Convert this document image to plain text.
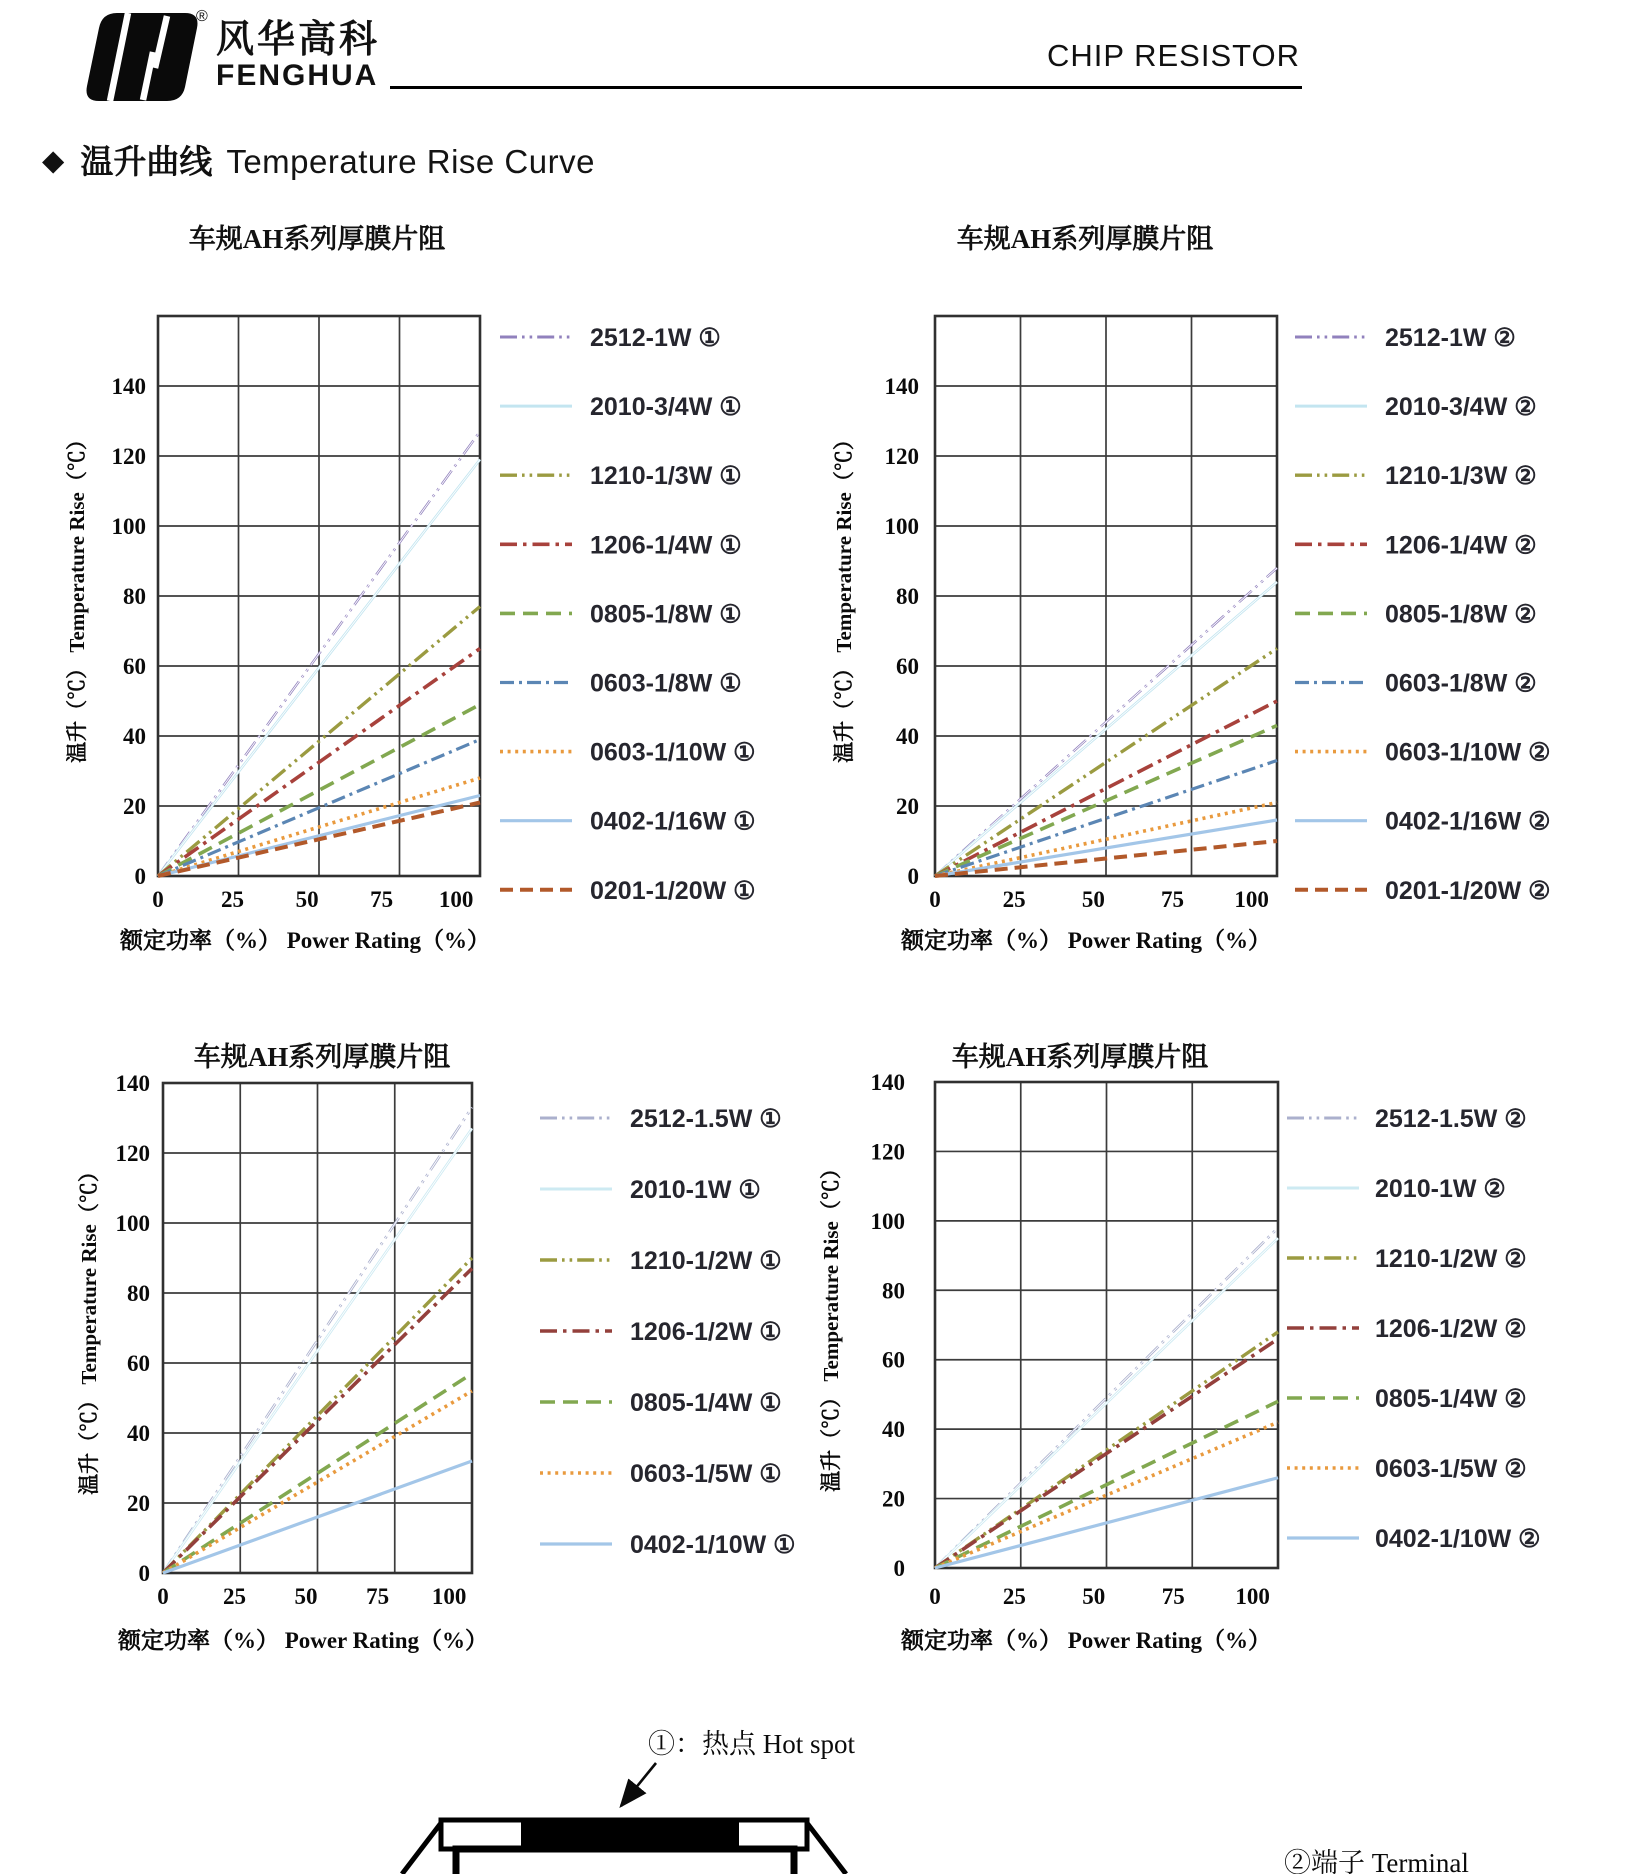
®
风华高科
FENGHUA
CHIP RESISTOR
◆ 温升曲线 Temperature Rise Curve
车规AH系列厚膜片阻
140
120
100
80
60
40
20
0
0 25 50 75 100
额定功率（%） Power Rating（%）
温升（℃） Temperature Rise（℃）
2512-1W ①
2010-3/4W ①
1210-1/3W ①
1206-1/4W ①
0805-1/8W ①
0603-1/8W ①
0603-1/10W ①
0402-1/16W ①
0201-1/20W ①
车规AH系列厚膜片阻
140
120
100
80
60
40
20
0
0	25 50 75 100
额定功率（%） Power Rating（%）
温升（℃） Temperature Rise（℃）
2512-1W ②
2010-3/4W ②
1210-1/3W ②
1206-1/4W ②
0805-1/8W ②
0603-1/8W ②
0603-1/10W ②
0402-1/16W ②
0201-1/20W ②
车规AH系列厚膜片阻
140
120
100
80
60
40
20
0
0 25 50 75 100
额定功率（%） Power Rating（%）
温升（℃） Temperature Rise（℃）
2512-1.5W ①
2010-1W ①
1210-1/2W ①
1206-1/2W ①
0805-1/4W ①
0603-1/5W ①
0402-1/10W ①
车规AH系列厚膜片阻
140
120
100
80
60
40
20
0
0	25 50 75 100
额定功率（%） Power Rating（%）
温升（℃） Temperature Rise（℃）
2512-1.5W ②
2010-1W ②
1210-1/2W ②
1206-1/2W ②
0805-1/4W ②
0603-1/5W ②
0402-1/10W ②
①：热点 Hot spot
②端子 Terminal
